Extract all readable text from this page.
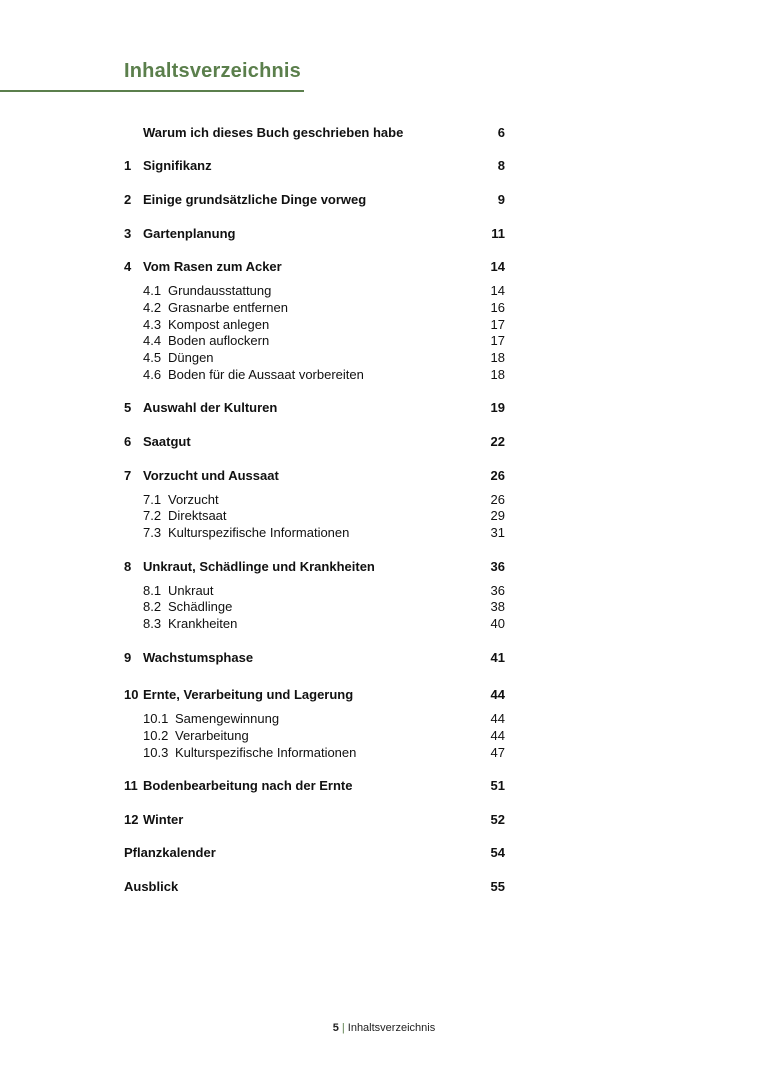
Inhaltsverzeichnis
Warum ich dieses Buch geschrieben habe	6
1 Signifikanz	8
2 Einige grundsätzliche Dinge vorweg	9
3 Gartenplanung	11
4 Vom Rasen zum Acker	14
4.1 Grundausstattung	14
4.2 Grasnarbe entfernen	16
4.3 Kompost anlegen	17
4.4 Boden auflockern	17
4.5 Düngen	18
4.6 Boden für die Aussaat vorbereiten	18
5 Auswahl der Kulturen	19
6 Saatgut	22
7 Vorzucht und Aussaat	26
7.1 Vorzucht	26
7.2 Direktsaat	29
7.3 Kulturspezifische Informationen	31
8 Unkraut, Schädlinge und Krankheiten	36
8.1 Unkraut	36
8.2 Schädlinge	38
8.3 Krankheiten	40
9 Wachstumsphase	41
10 Ernte, Verarbeitung und Lagerung	44
10.1 Samengewinnung	44
10.2 Verarbeitung	44
10.3 Kulturspezifische Informationen	47
11 Bodenbearbeitung nach der Ernte	51
12 Winter	52
Pflanzkalender	54
Ausblick	55
5 | Inhaltsverzeichnis
